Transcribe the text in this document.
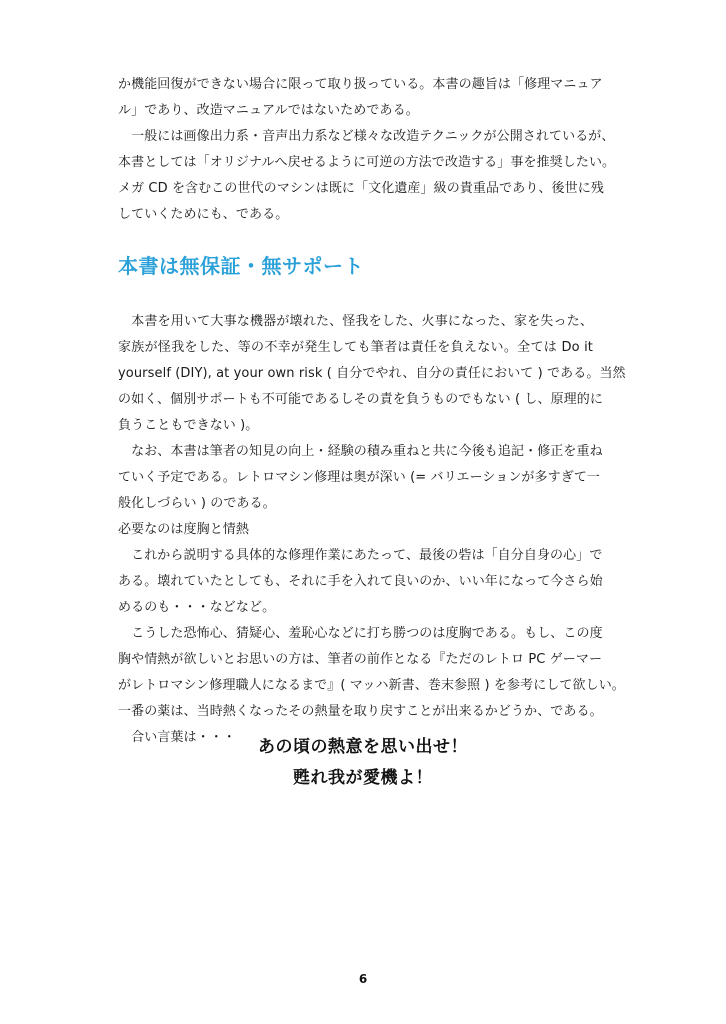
か機能回復ができない場合に限って取り扱っている。本書の趣旨は「修理マニュア
ル」であり、改造マニュアルではないためである。
　一般には画像出力系・音声出力系など様々な改造テクニックが公開されているが、
本書としては「オリジナルへ戻せるように可逆の方法で改造する」事を推奨したい。
メガ CD を含むこの世代のマシンは既に「文化遺産」級の貴重品であり、後世に残
していくためにも、である。
本書は無保証・無サポート
　本書を用いて大事な機器が壊れた、怪我をした、火事になった、家を失った、
家族が怪我をした、等の不幸が発生しても筆者は責任を負えない。全ては Do it
yourself (DIY), at your own risk ( 自分でやれ、自分の責任において ) である。当然
の如く、個別サポートも不可能であるしその責を負うものでもない ( し、原理的に
負うこともできない )。
　なお、本書は筆者の知見の向上・経験の積み重ねと共に今後も追記・修正を重ね
ていく予定である。レトロマシン修理は奥が深い (= バリエーションが多すぎて一
般化しづらい ) のである。
必要なのは度胸と情熱
　これから説明する具体的な修理作業にあたって、最後の砦は「自分自身の心」で
ある。壊れていたとしても、それに手を入れて良いのか、いい年になって今さら始
めるのも・・・などなど。
　こうした恐怖心、猜疑心、羞恥心などに打ち勝つのは度胸である。もし、この度
胸や情熱が欲しいとお思いの方は、筆者の前作となる『ただのレトロ PC ゲーマー
がレトロマシン修理職人になるまで』( マッハ新書、巻末参照 ) を参考にして欲しい。
一番の薬は、当時熱くなったその熱量を取り戻すことが出来るかどうか、である。
　合い言葉は・・・	あの頃の熱意を思い出せ！
甦れ我が愛機よ！
6
